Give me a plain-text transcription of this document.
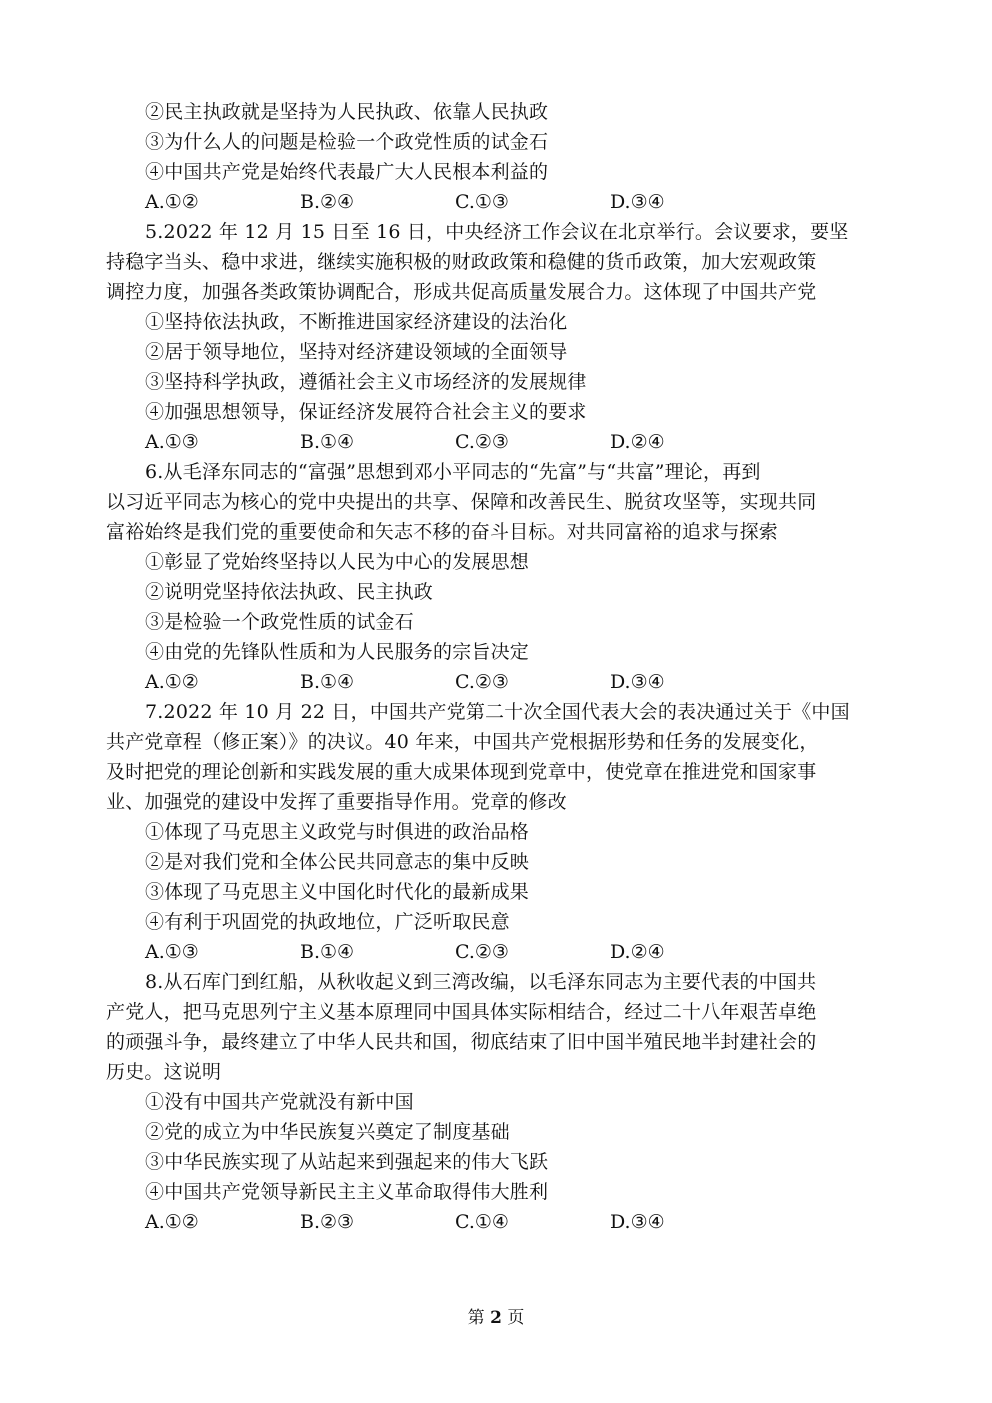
②民主执政就是坚持为人民执政、依靠人民执政
③为什么人的问题是检验一个政党性质的试金石
④中国共产党是始终代表最广大人民根本利益的
A.①②	B.②④	C.①③	D.③④
5.2022 年 12 月 15 日至 16 日，中央经济工作会议在北京举行。会议要求，要坚
持稳字当头、稳中求进，继续实施积极的财政政策和稳健的货币政策，加大宏观政策
调控力度，加强各类政策协调配合，形成共促高质量发展合力。这体现了中国共产党
①坚持依法执政，不断推进国家经济建设的法治化
②居于领导地位，坚持对经济建设领域的全面领导
③坚持科学执政，遵循社会主义市场经济的发展规律
④加强思想领导，保证经济发展符合社会主义的要求
A.①③	B.①④	C.②③	D.②④
6.从毛泽东同志的“富强”思想到邓小平同志的“先富”与“共富”理论，再到
以习近平同志为核心的党中央提出的共享、保障和改善民生、脱贫攻坚等，实现共同
富裕始终是我们党的重要使命和矢志不移的奋斗目标。对共同富裕的追求与探索
①彰显了党始终坚持以人民为中心的发展思想
②说明党坚持依法执政、民主执政
③是检验一个政党性质的试金石
④由党的先锋队性质和为人民服务的宗旨决定
A.①②	B.①④	C.②③	D.③④
7.2022 年 10 月 22 日，中国共产党第二十次全国代表大会的表决通过关于《中国
共产党章程（修正案）》的决议。40 年来，中国共产党根据形势和任务的发展变化，
及时把党的理论创新和实践发展的重大成果体现到党章中，使党章在推进党和国家事
业、加强党的建设中发挥了重要指导作用。党章的修改
①体现了马克思主义政党与时俱进的政治品格
②是对我们党和全体公民共同意志的集中反映
③体现了马克思主义中国化时代化的最新成果
④有利于巩固党的执政地位，广泛听取民意
A.①③	B.①④	C.②③	D.②④
8.从石库门到红船，从秋收起义到三湾改编，以毛泽东同志为主要代表的中国共
产党人，把马克思列宁主义基本原理同中国具体实际相结合，经过二十八年艰苦卓绝
的顽强斗争，最终建立了中华人民共和国，彻底结束了旧中国半殖民地半封建社会的
历史。这说明
①没有中国共产党就没有新中国
②党的成立为中华民族复兴奠定了制度基础
③中华民族实现了从站起来到强起来的伟大飞跃
④中国共产党领导新民主主义革命取得伟大胜利
A.①②	B.②③	C.①④	D.③④
第 2 页
